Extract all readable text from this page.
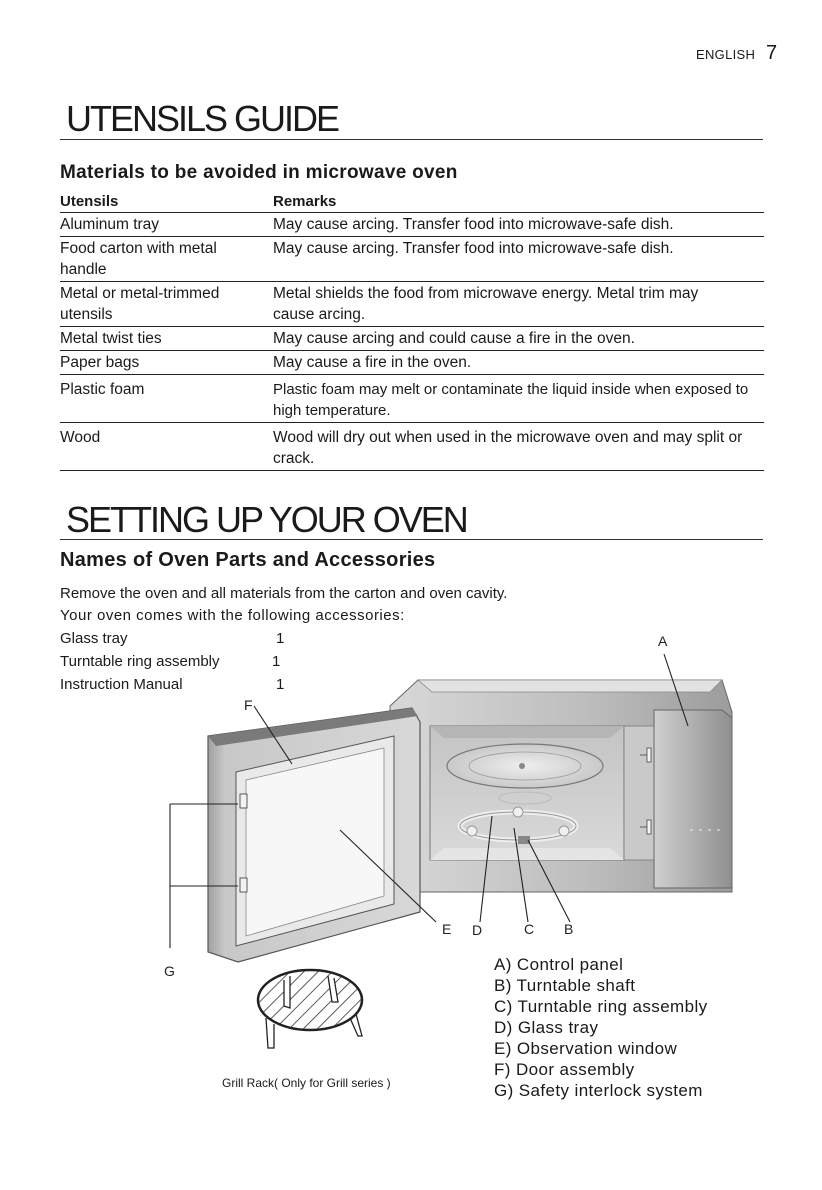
ENGLISH 7
UTENSILS GUIDE
Materials to be avoided in microwave oven
Utensils	Remarks
Aluminum tray	May cause arcing. Transfer food into microwave-safe dish.
Food carton with metal handle	May cause arcing. Transfer food into microwave-safe dish.
Metal or metal-trimmed utensils	Metal shields the food from microwave energy. Metal trim may cause arcing.
Metal twist ties	May cause arcing and could cause a fire in the oven.
Paper bags	May cause a fire in the oven.
Plastic foam	Plastic foam may melt or contaminate the liquid inside when exposed to high temperature.
Wood	Wood will dry out when used in the microwave oven and may split or crack.
SETTING UP YOUR OVEN
Names of Oven Parts and Accessories
Remove the oven and all materials from the carton and oven cavity.
Your oven comes with the following accessories:
Glass tray	1
Turntable ring assembly	1
Instruction Manual	1
A
F
E D	C B
G	A) Control panel
B) Turntable shaft
C) Turntable ring assembly
D) Glass tray
E) Observation window
F) Door assembly
G) Safety interlock system
Grill Rack( Only for Grill series )
